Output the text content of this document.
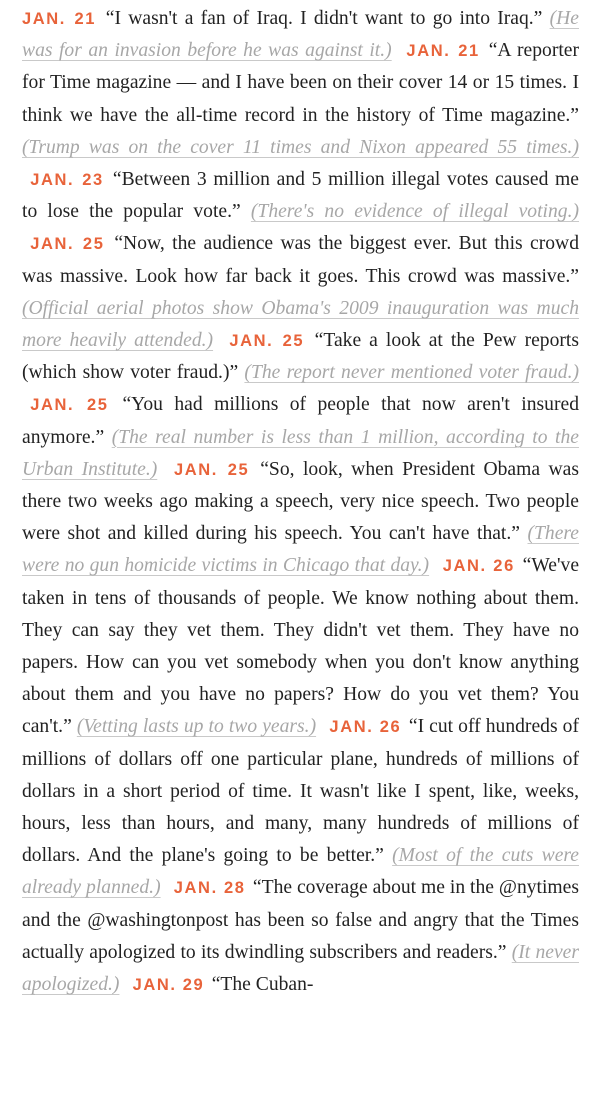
JAN. 21 “I wasn't a fan of Iraq. I didn't want to go into Iraq.” (He was for an invasion before he was against it.) JAN. 21 “A reporter for Time magazine — and I have been on their cover 14 or 15 times. I think we have the all-time record in the history of Time magazine.” (Trump was on the cover 11 times and Nixon appeared 55 times.) JAN. 23 “Between 3 million and 5 million illegal votes caused me to lose the popular vote.” (There's no evidence of illegal voting.) JAN. 25 “Now, the audience was the biggest ever. But this crowd was massive. Look how far back it goes. This crowd was massive.” (Official aerial photos show Obama's 2009 inauguration was much more heavily attended.) JAN. 25 “Take a look at the Pew reports (which show voter fraud.)” (The report never mentioned voter fraud.) JAN. 25 “You had millions of people that now aren't insured anymore.” (The real number is less than 1 million, according to the Urban Institute.) JAN. 25 “So, look, when President Obama was there two weeks ago making a speech, very nice speech. Two people were shot and killed during his speech. You can't have that.” (There were no gun homicide victims in Chicago that day.) JAN. 26 “We've taken in tens of thousands of people. We know nothing about them. They can say they vet them. They didn't vet them. They have no papers. How can you vet somebody when you don't know anything about them and you have no papers? How do you vet them? You can't.” (Vetting lasts up to two years.) JAN. 26 “I cut off hundreds of millions of dollars off one particular plane, hundreds of millions of dollars in a short period of time. It wasn't like I spent, like, weeks, hours, less than hours, and many, many hundreds of millions of dollars. And the plane's going to be better.” (Most of the cuts were already planned.) JAN. 28 “The coverage about me in the @nytimes and the @washingtonpost has been so false and angry that the Times actually apologized to its dwindling subscribers and readers.” (It never apologized.) JAN. 29 “The Cuban-
